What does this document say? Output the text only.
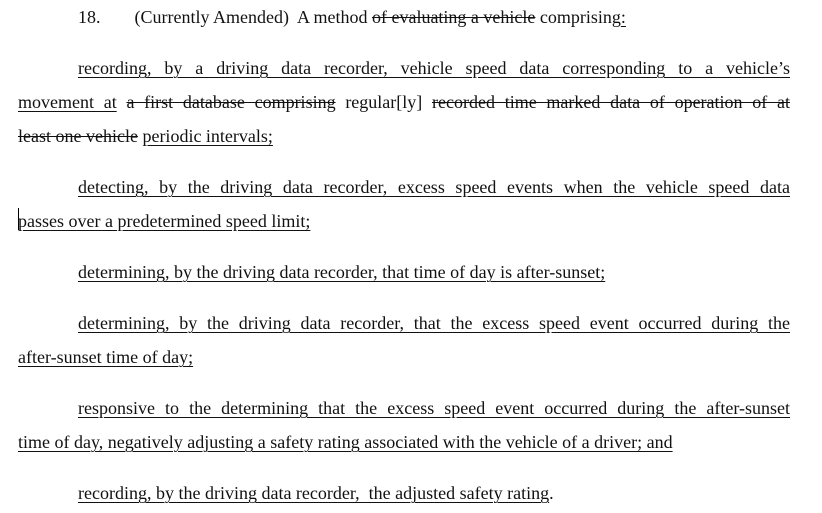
18. (Currently Amended) A method of evaluating a vehicle comprising:
recording, by a driving data recorder, vehicle speed data corresponding to a vehicle’s
movement at a first database comprising regular[ly] recorded time marked data of operation of at
least one vehicle periodic intervals;
detecting, by the driving data recorder, excess speed events when the vehicle speed data
passes over a predetermined speed limit;
determining, by the driving data recorder, that time of day is after-sunset;
determining, by the driving data recorder, that the excess speed event occurred during the
after-sunset time of day;
responsive to the determining that the excess speed event occurred during the after-sunset
time of day, negatively adjusting a safety rating associated with the vehicle of a driver; and
recording, by the driving data recorder,  the adjusted safety rating.
